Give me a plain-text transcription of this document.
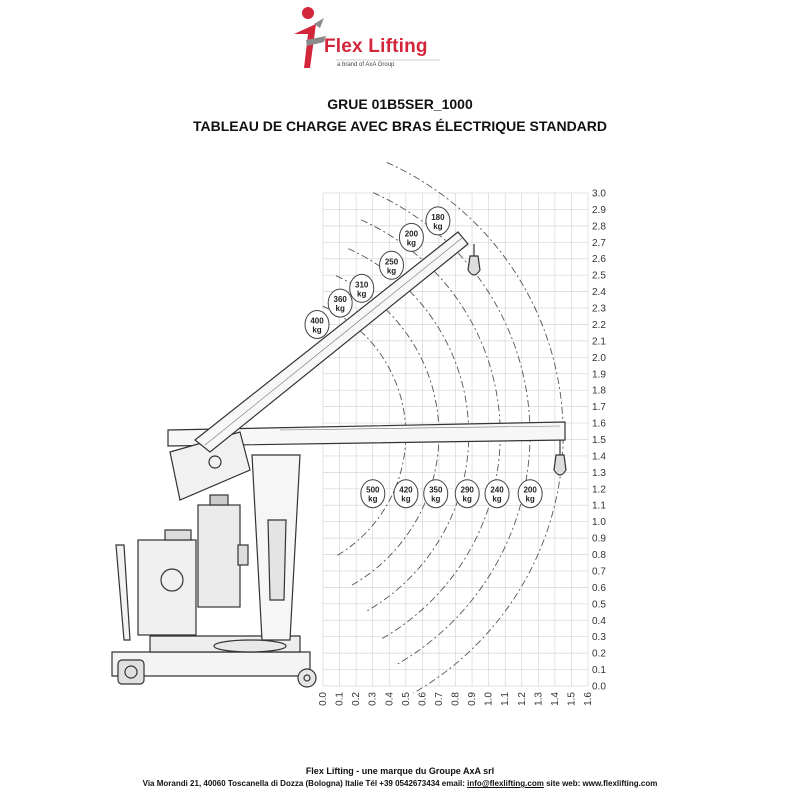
Flex Lifting
a brand of AxA Group
GRUE 01B5SER_1000
TABLEAU DE CHARGE AVEC BRAS ÉLECTRIQUE STANDARD
500
kg
420
kg
350
kg
290
kg
240
kg
200
kg
400
kg
360
kg
310
kg
250
kg
200
kg
180
kg
0.0 0.1 0.2 0.3 0.4 0.5 0.6 0.7 0.8 0.9 1.0 1.1 1.2 1.3 1.4 1.5 1.6
0.0
0.1
0.2
0.3
0.4
0.5
0.6
0.7
0.8
0.9
1.0
1.1
1.2
1.3
1.4
1.5
1.6
1.7
1.8
1.9
2.0
2.1
2.2
2.3
2.4
2.5
2.6
2.7
2.8
2.9
3.0
Flex Lifting - une marque du Groupe AxA srl
Via Morandi 21, 40060 Toscanella di Dozza (Bologna) Italie Tél +39 0542673434 email: info@flexlifting.com site web: www.flexlifting.com
